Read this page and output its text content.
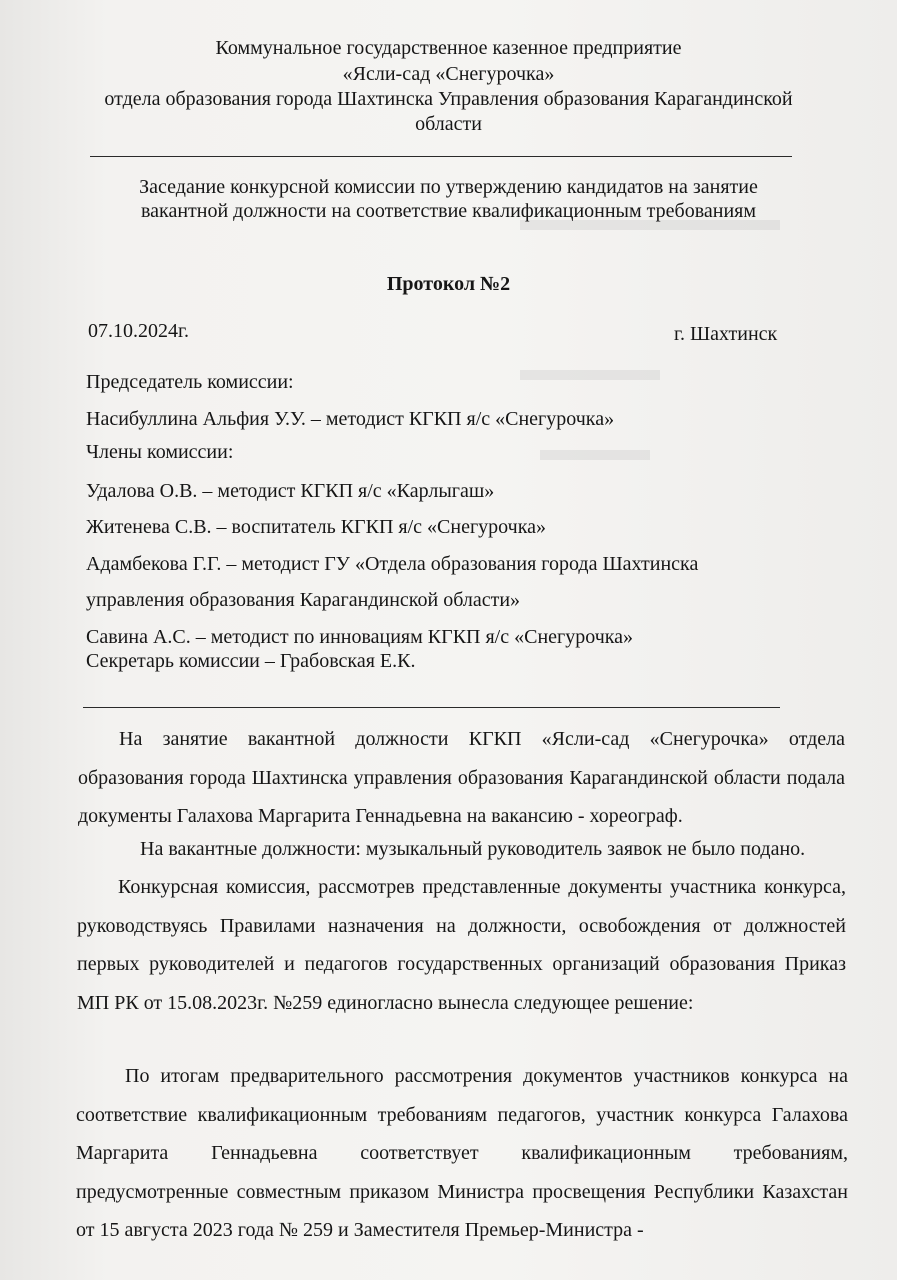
Коммунальное государственное казенное предприятие
«Ясли-сад «Снегурочка»
отдела образования города Шахтинска Управления образования Карагандинской
области
Заседание конкурсной комиссии по утверждению кандидатов на занятие
вакантной должности на соответствие квалификационным требованиям
Протокол №2
07.10.2024г.	г. Шахтинск
Председатель комиссии:
Насибуллина Альфия У.У. – методист КГКП я/с «Снегурочка»
Члены комиссии:
Удалова О.В. – методист КГКП я/с «Карлыгаш»
Житенева С.В. – воспитатель КГКП я/с «Снегурочка»
Адамбекова Г.Г. – методист ГУ «Отдела образования города Шахтинска
управления образования Карагандинской области»
Савина А.С. – методист по инновациям КГКП я/с «Снегурочка»
Секретарь комиссии – Грабовская Е.К.

На занятие вакантной должности КГКП «Ясли-сад «Снегурочка» отдела образования города Шахтинска управления образования Карагандинской области подала документы Галахова Маргарита Геннадьевна на вакансию - хореограф.

На вакантные должности: музыкальный руководитель заявок не было подано.

Конкурсная комиссия, рассмотрев представленные документы участника конкурса, руководствуясь Правилами назначения на должности, освобождения от должностей первых руководителей и педагогов государственных организаций образования Приказ МП РК от 15.08.2023г. №259 единогласно вынесла следующее решение:

По итогам предварительного рассмотрения документов участников конкурса на соответствие квалификационным требованиям педагогов, участник конкурса Галахова Маргарита Геннадьевна соответствует квалификационным требованиям, предусмотренные совместным приказом Министра просвещения Республики Казахстан от 15 августа 2023 года № 259 и Заместителя Премьер-Министра -
